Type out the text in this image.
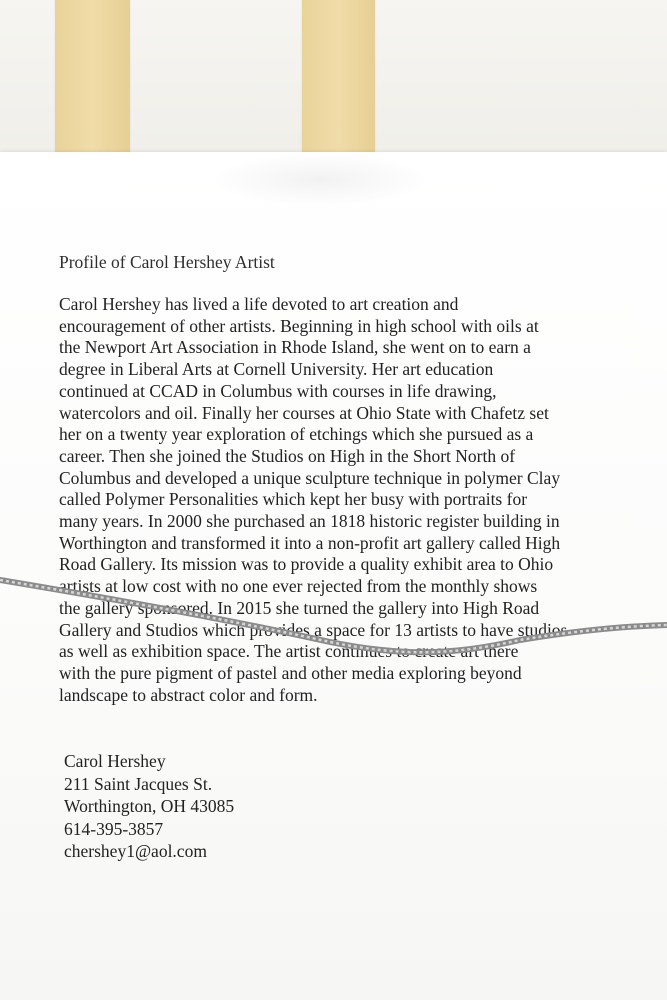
Profile of Carol Hershey Artist
Carol Hershey has lived a life devoted to art creation and
encouragement of other artists. Beginning in high school with oils at
the Newport Art Association in Rhode Island, she went on to earn a
degree in Liberal Arts at Cornell University. Her art education
continued at CCAD in Columbus with courses in life drawing,
watercolors and oil. Finally her courses at Ohio State with Chafetz set
her on a twenty year exploration of etchings which she pursued as a
career. Then she joined the Studios on High in the Short North of
Columbus and developed a unique sculpture technique in polymer Clay
called Polymer Personalities which kept her busy with portraits for
many years. In 2000 she purchased an 1818 historic register building in
Worthington and transformed it into a non-profit art gallery called High
Road Gallery. Its mission was to provide a quality exhibit area to Ohio
artists at low cost with no one ever rejected from the monthly shows
the gallery sponsored. In 2015 she turned the gallery into High Road
Gallery and Studios which provides a space for 13 artists to have studios
as well as exhibition space. The artist continues to create art there
with the pure pigment of pastel and other media exploring beyond
landscape to abstract color and form.
Carol Hershey
211 Saint Jacques St.
Worthington, OH 43085
614-395-3857
chershey1@aol.com
